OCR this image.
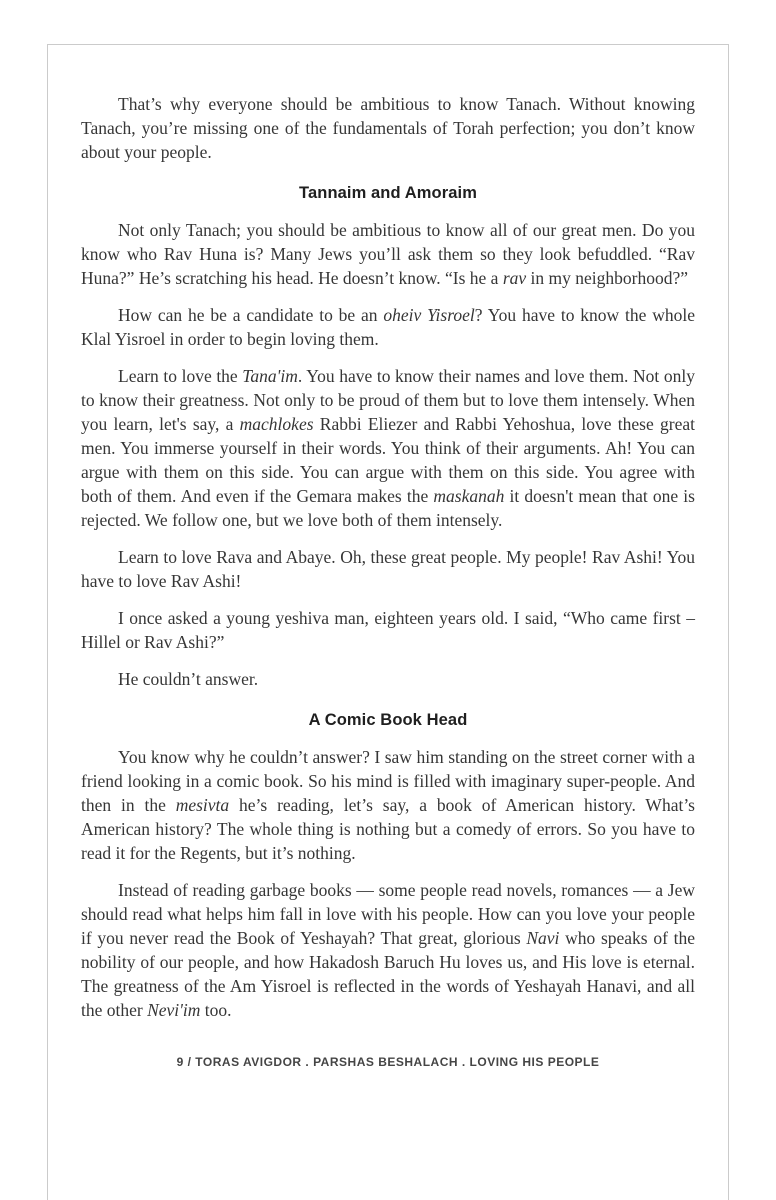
That’s why everyone should be ambitious to know Tanach. Without knowing Tanach, you’re missing one of the fundamentals of Torah perfection; you don’t know about your people.

Tannaim and Amoraim

Not only Tanach; you should be ambitious to know all of our great men. Do you know who Rav Huna is? Many Jews you’ll ask them so they look befuddled. “Rav Huna?” He’s scratching his head. He doesn’t know. “Is he a rav in my neighborhood?”

How can he be a candidate to be an oheiv Yisroel? You have to know the whole Klal Yisroel in order to begin loving them.

Learn to love the Tana'im. You have to know their names and love them. Not only to know their greatness. Not only to be proud of them but to love them intensely. When you learn, let's say, a machlokes Rabbi Eliezer and Rabbi Yehoshua, love these great men. You immerse yourself in their words. You think of their arguments. Ah! You can argue with them on this side. You can argue with them on this side. You agree with both of them. And even if the Gemara makes the maskanah it doesn't mean that one is rejected. We follow one, but we love both of them intensely.

Learn to love Rava and Abaye. Oh, these great people. My people! Rav Ashi! You have to love Rav Ashi!

I once asked a young yeshiva man, eighteen years old. I said, “Who came first – Hillel or Rav Ashi?”

He couldn’t answer.

A Comic Book Head

You know why he couldn’t answer? I saw him standing on the street corner with a friend looking in a comic book. So his mind is filled with imaginary super-people. And then in the mesivta he’s reading, let’s say, a book of American history. What’s American history? The whole thing is nothing but a comedy of errors. So you have to read it for the Regents, but it’s nothing.

Instead of reading garbage books — some people read novels, romances — a Jew should read what helps him fall in love with his people. How can you love your people if you never read the Book of Yeshayah? That great, glorious Navi who speaks of the nobility of our people, and how Hakadosh Baruch Hu loves us, and His love is eternal. The greatness of the Am Yisroel is reflected in the words of Yeshayah Hanavi, and all the other Nevi'im too.

9 / TORAS AVIGDOR . PARSHAS BESHALACH . LOVING HIS PEOPLE
